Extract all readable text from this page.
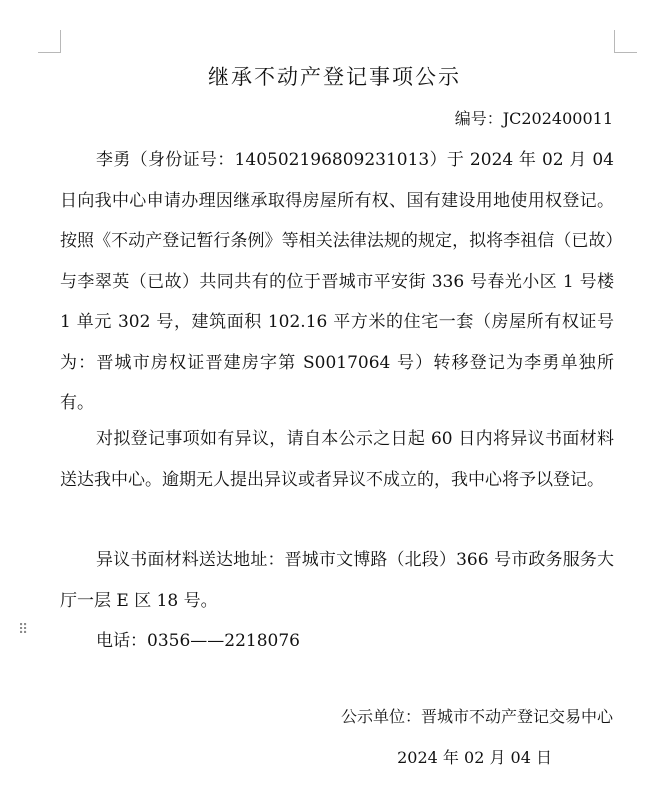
继承不动产登记事项公示
编号：JC202400011

李勇（身份证号：140502196809231013）于 2024 年 02 月 04 日向我中心申请办理因继承取得房屋所有权、国有建设用地使用权登记。按照《不动产登记暂行条例》等相关法律法规的规定，拟将李祖信（已故）与李翠英（已故）共同共有的位于晋城市平安街 336 号春光小区 1 号楼 1 单元 302 号，建筑面积 102.16 平方米的住宅一套（房屋所有权证号为：晋城市房权证晋建房字第 S0017064 号）转移登记为李勇单独所有。

对拟登记事项如有异议，请自本公示之日起 60 日内将异议书面材料送达我中心。逾期无人提出异议或者异议不成立的，我中心将予以登记。

异议书面材料送达地址：晋城市文博路（北段）366 号市政务服务大厅一层 E 区 18 号。

电话：0356——2218076

⠿
公示单位：晋城市不动产登记交易中心
2024 年 02 月 04 日
